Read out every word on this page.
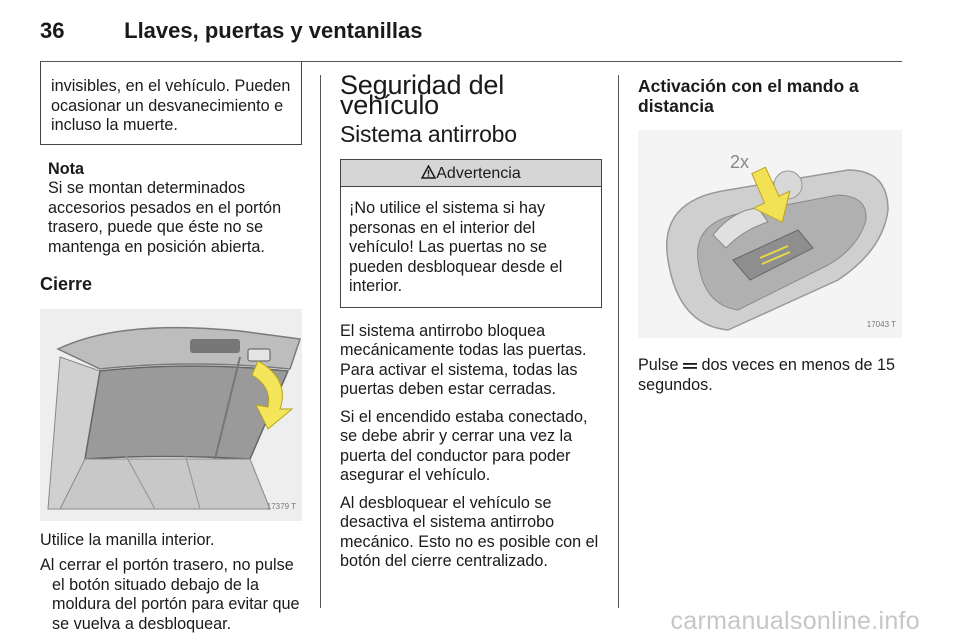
36	Llaves, puertas y ventanillas

invisibles, en el vehículo. Pueden ocasionar un desvanecimiento e incluso la muerte.

Nota
Si se montan determinados accesorios pesados en el portón trasero, puede que éste no se mantenga en posición abierta.
Cierre
17379 T

Utilice la manilla interior.

Al cerrar el portón trasero, no pulse el botón situado debajo de la moldura del portón para evitar que se vuelva a desbloquear.

Seguridad del vehículo
Sistema antirrobo
Advertencia
¡No utilice el sistema si hay personas en el interior del vehículo! Las puertas no se pueden desbloquear desde el interior.

El sistema antirrobo bloquea mecánicamente todas las puertas. Para activar el sistema, todas las puertas deben estar cerradas.

Si el encendido estaba conectado, se debe abrir y cerrar una vez la puerta del conductor para poder asegurar el vehículo.

Al desbloquear el vehículo se desactiva el sistema antirrobo mecánico. Esto no es posible con el botón del cierre centralizado.

Activación con el mando a distancia
2x
17043 T

Pulse dos veces en menos de 15 segundos.

carmanualsonline.info
